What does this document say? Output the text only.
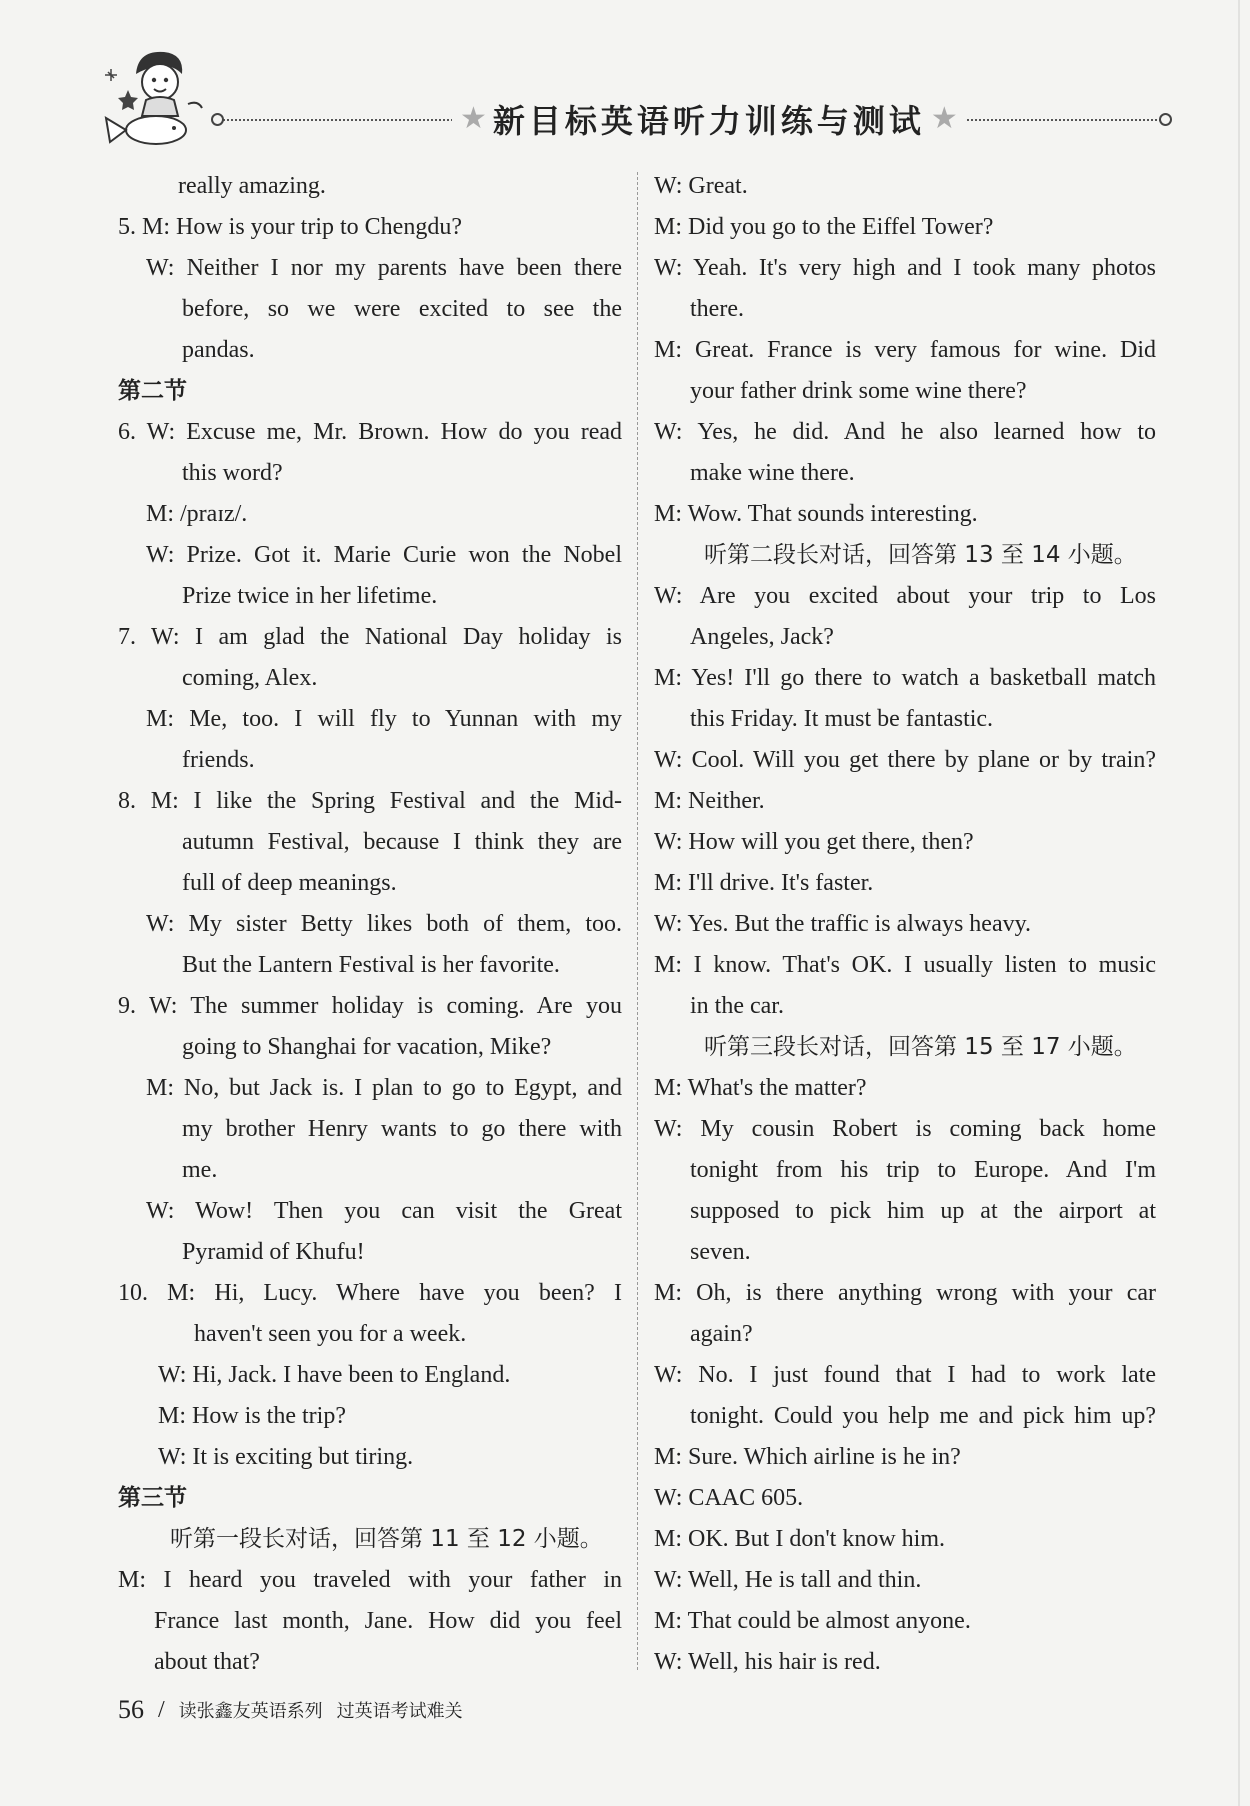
★ 新目标英语听力训练与测试 ★
really amazing.
5. M: How is your trip to Chengdu?
W: Neither I nor my parents have been there
before, so we were excited to see the
pandas.
第二节
6. W: Excuse me, Mr. Brown. How do you read
this word?
M: /praɪz/.
W: Prize. Got it. Marie Curie won the Nobel
Prize twice in her lifetime.
7. W: I am glad the National Day holiday is
coming, Alex.
M: Me, too. I will fly to Yunnan with my
friends.
8. M: I like the Spring Festival and the Mid-
autumn Festival, because I think they are
full of deep meanings.
W: My sister Betty likes both of them, too.
But the Lantern Festival is her favorite.
9. W: The summer holiday is coming. Are you
going to Shanghai for vacation, Mike?
M: No, but Jack is. I plan to go to Egypt, and
my brother Henry wants to go there with
me.
W: Wow! Then you can visit the Great
Pyramid of Khufu!
10. M: Hi, Lucy. Where have you been? I
haven't seen you for a week.
W: Hi, Jack. I have been to England.
M: How is the trip?
W: It is exciting but tiring.
第三节
听第一段长对话，回答第 11 至 12 小题。
M: I heard you traveled with your father in
France last month, Jane. How did you feel
about that?
W: Great.
M: Did you go to the Eiffel Tower?
W: Yeah. It's very high and I took many photos
there.
M: Great. France is very famous for wine. Did
your father drink some wine there?
W: Yes, he did. And he also learned how to
make wine there.
M: Wow. That sounds interesting.
听第二段长对话，回答第 13 至 14 小题。
W: Are you excited about your trip to Los
Angeles, Jack?
M: Yes! I'll go there to watch a basketball match
this Friday. It must be fantastic.
W: Cool. Will you get there by plane or by train?
M: Neither.
W: How will you get there, then?
M: I'll drive. It's faster.
W: Yes. But the traffic is always heavy.
M: I know. That's OK. I usually listen to music
in the car.
听第三段长对话，回答第 15 至 17 小题。
M: What's the matter?
W: My cousin Robert is coming back home
tonight from his trip to Europe. And I'm
supposed to pick him up at the airport at
seven.
M: Oh, is there anything wrong with your car
again?
W: No. I just found that I had to work late
tonight. Could you help me and pick him up?
M: Sure. Which airline is he in?
W: CAAC 605.
M: OK. But I don't know him.
W: Well, He is tall and thin.
M: That could be almost anyone.
W: Well, his hair is red.
56 / 读张鑫友英语系列 过英语考试难关
